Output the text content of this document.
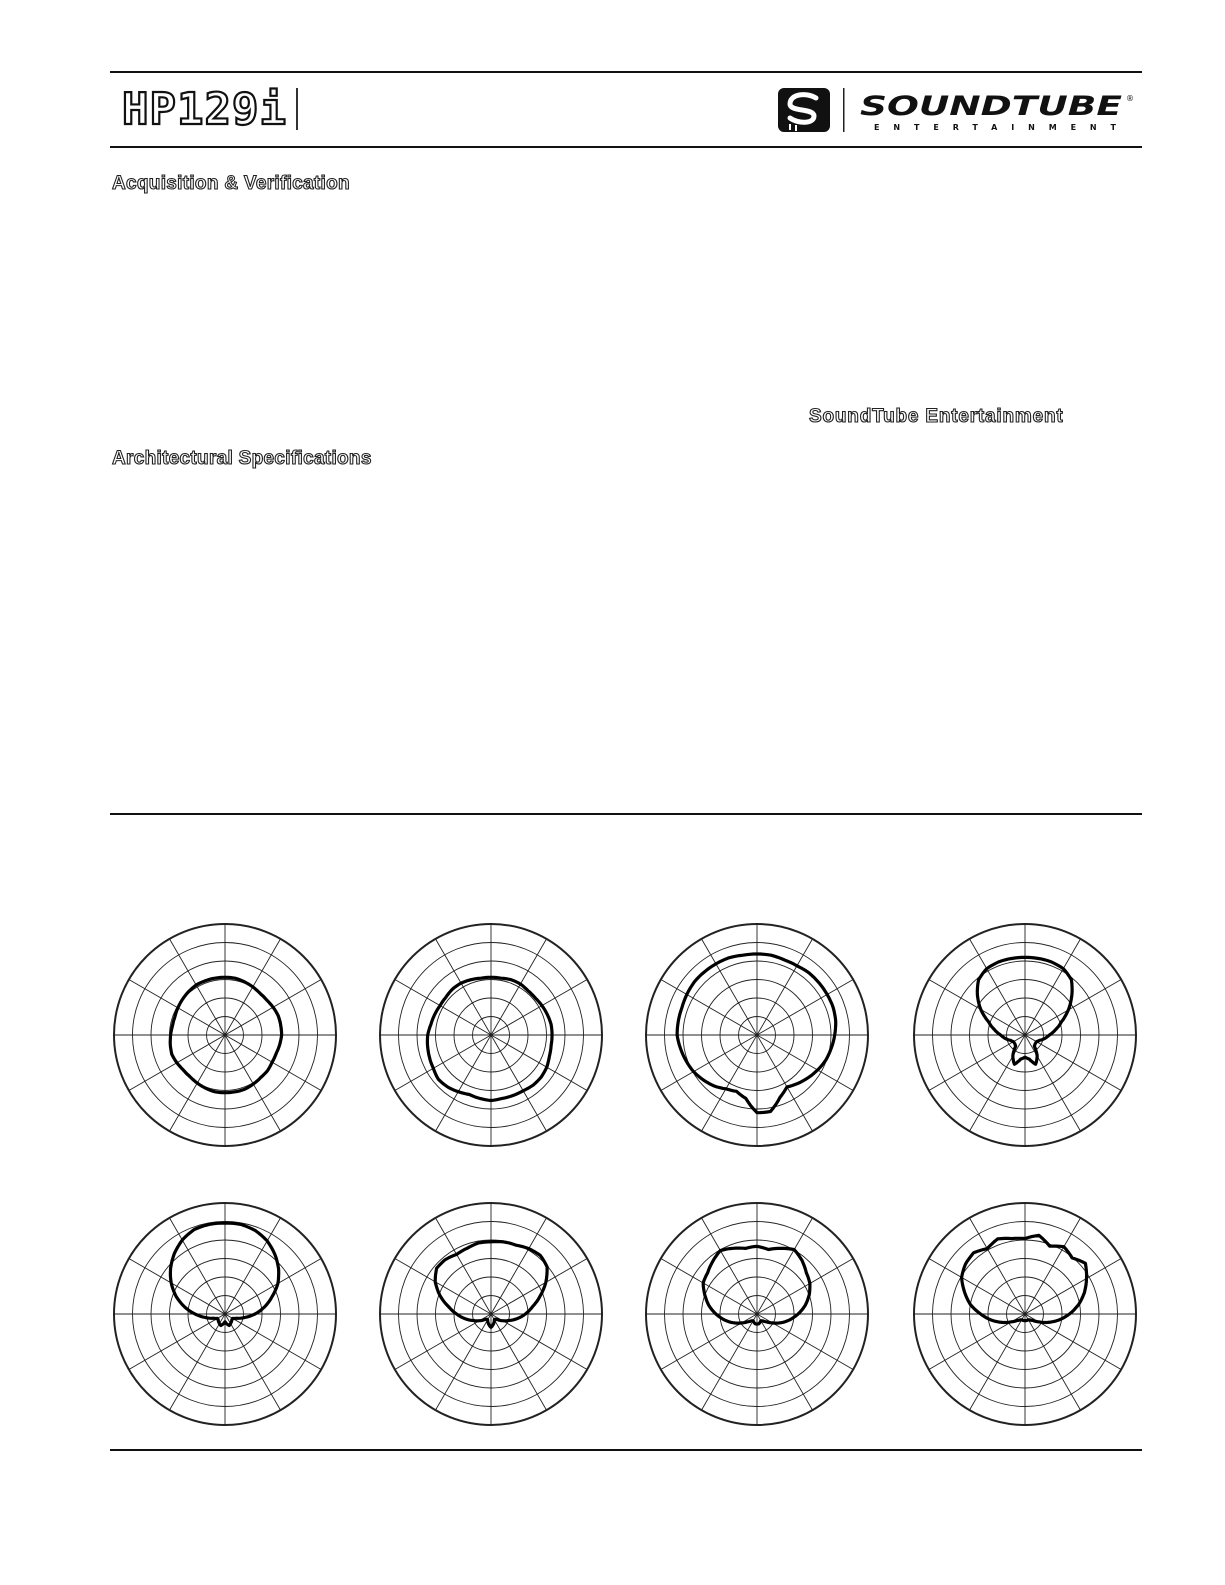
HP129i	SOUNDTUBE ®
ENTERTAINMENT
Acquisition & Verification
SoundTube Entertainment
Architectural Specifications
